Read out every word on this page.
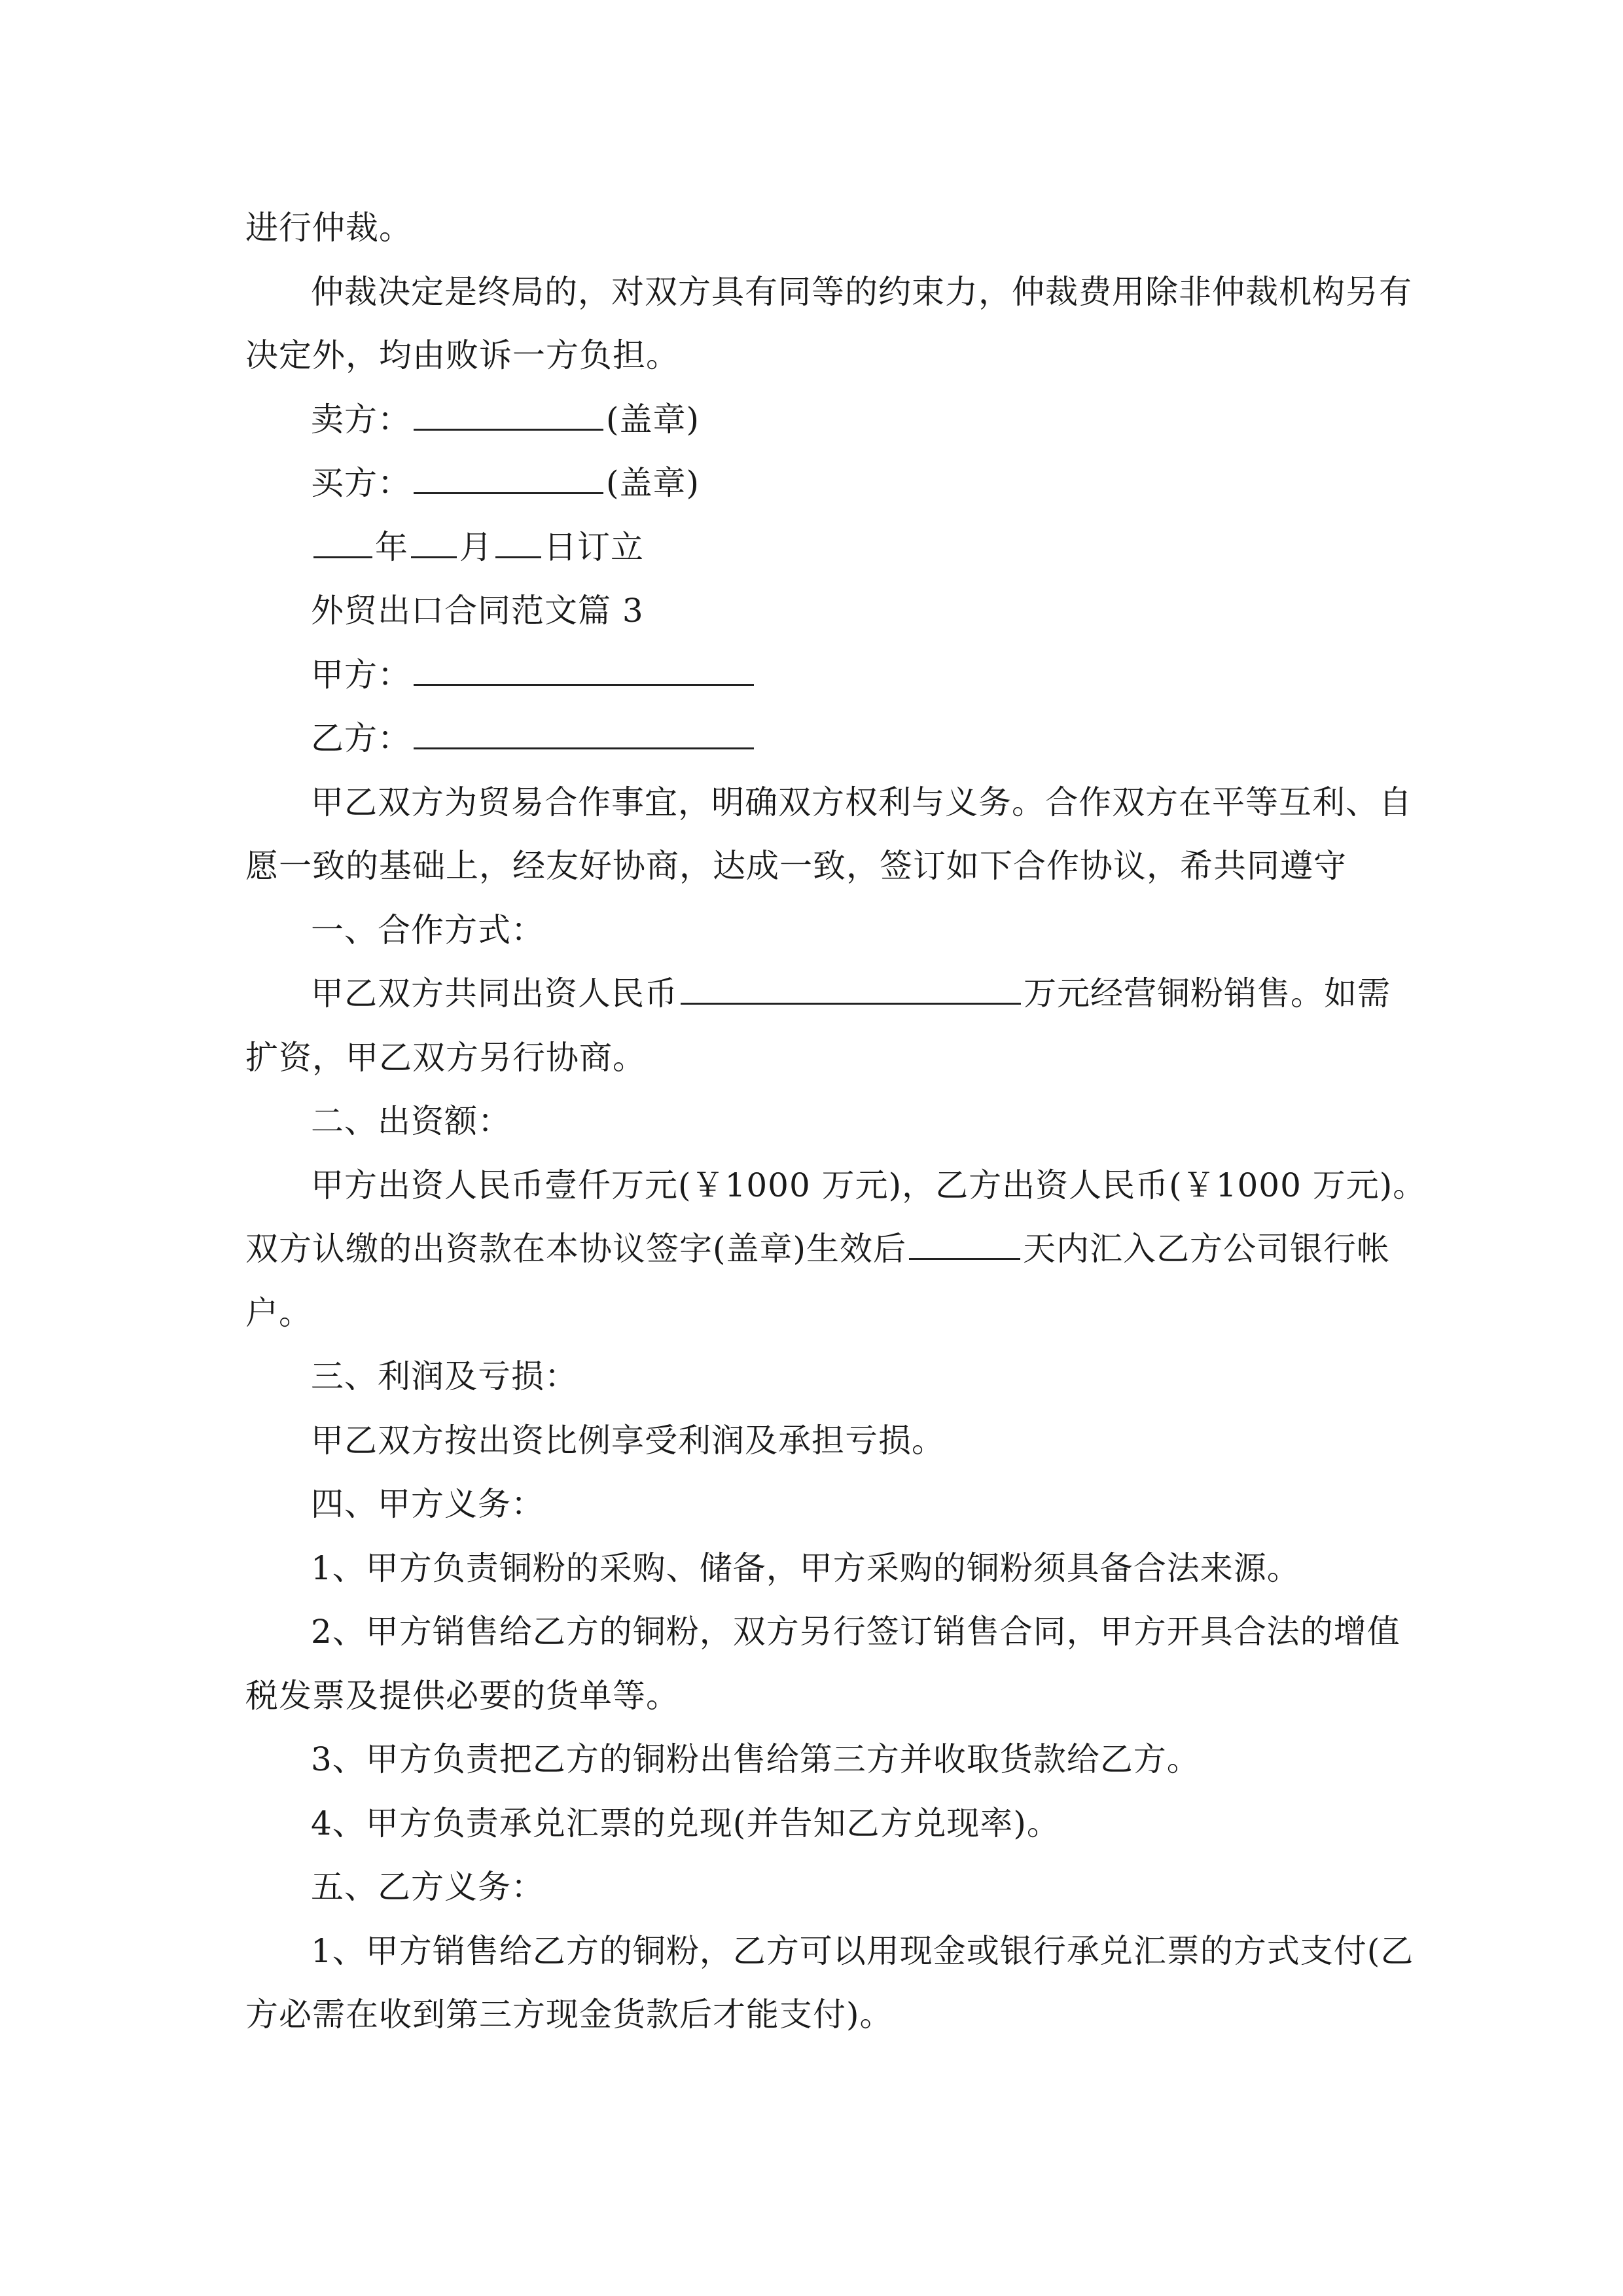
进行仲裁。
仲裁决定是终局的，对双方具有同等的约束力，仲裁费用除非仲裁机构另有
决定外，均由败诉一方负担。
卖方：	(盖章)
买方：	(盖章)
年 月 日订立
外贸出口合同范文篇 3
甲方：
乙方：
甲乙双方为贸易合作事宜，明确双方权利与义务。合作双方在平等互利、自
愿一致的基础上，经友好协商，达成一致，签订如下合作协议，希共同遵守
一、合作方式：
甲乙双方共同出资人民币	万元经营铜粉销售。如需
扩资，甲乙双方另行协商。
二、出资额：
甲方出资人民币壹仟万元(￥1000 万元)，乙方出资人民币(￥1000 万元)。
双方认缴的出资款在本协议签字(盖章)生效后	天内汇入乙方公司银行帐
户。
三、利润及亏损：
甲乙双方按出资比例享受利润及承担亏损。
四、甲方义务：
1、甲方负责铜粉的采购、储备，甲方采购的铜粉须具备合法来源。
2、甲方销售给乙方的铜粉，双方另行签订销售合同，甲方开具合法的增值
税发票及提供必要的货单等。
3、甲方负责把乙方的铜粉出售给第三方并收取货款给乙方。
4、甲方负责承兑汇票的兑现(并告知乙方兑现率)。
五、乙方义务：
1、甲方销售给乙方的铜粉，乙方可以用现金或银行承兑汇票的方式支付(乙
方必需在收到第三方现金货款后才能支付)。
